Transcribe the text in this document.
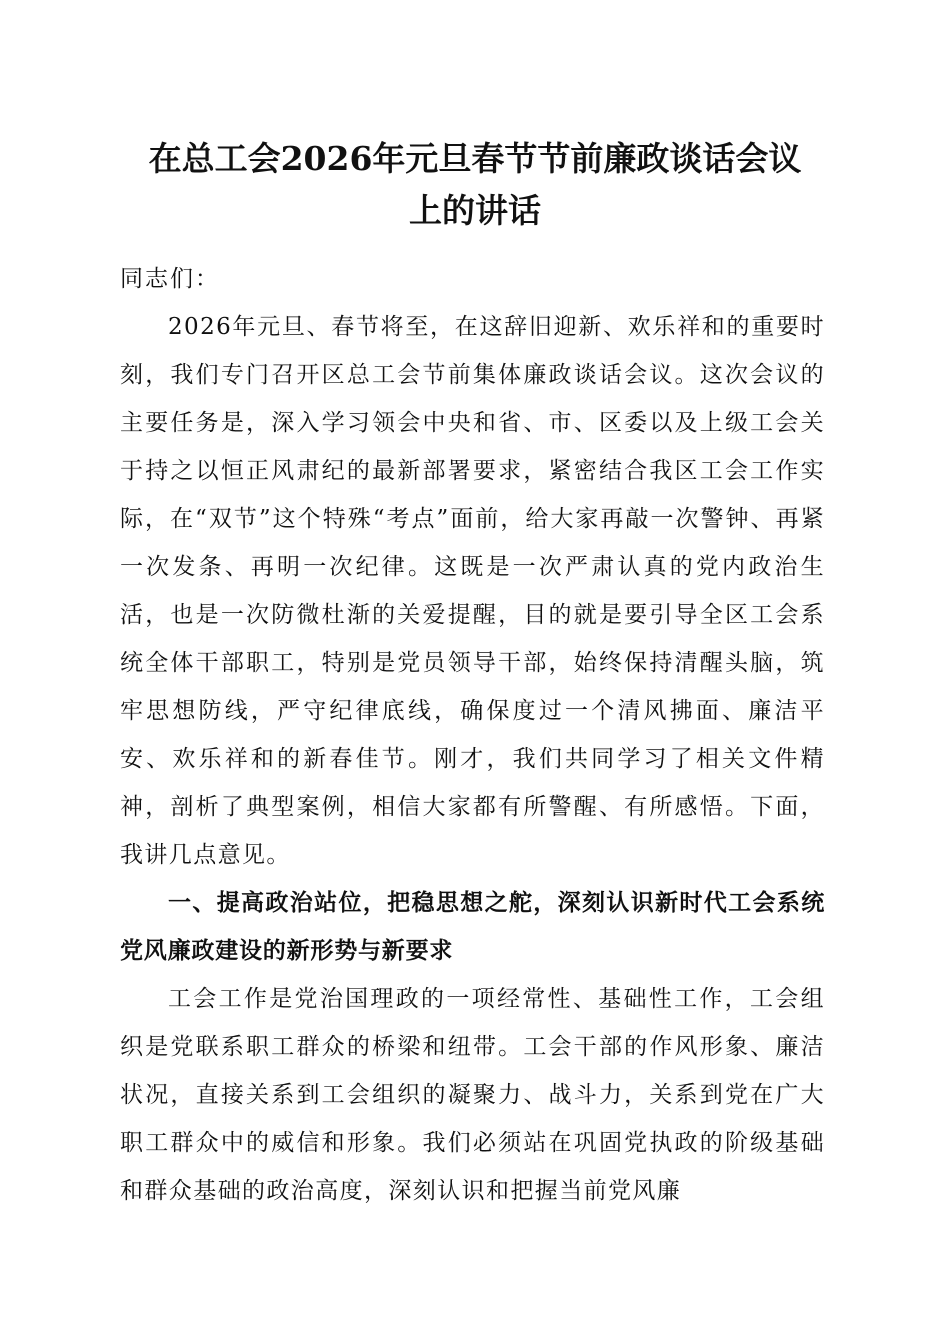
在总工会2026年元旦春节节前廉政谈话会议
上的讲话

同志们：

2026年元旦、春节将至，在这辞旧迎新、欢乐祥和的重要时刻，我们专门召开区总工会节前集体廉政谈话会议。这次会议的主要任务是，深入学习领会中央和省、市、区委以及上级工会关于持之以恒正风肃纪的最新部署要求，紧密结合我区工会工作实际，在“双节”这个特殊“考点”面前，给大家再敲一次警钟、再紧一次发条、再明一次纪律。这既是一次严肃认真的党内政治生活，也是一次防微杜渐的关爱提醒，目的就是要引导全区工会系统全体干部职工，特别是党员领导干部，始终保持清醒头脑，筑牢思想防线，严守纪律底线，确保度过一个清风拂面、廉洁平安、欢乐祥和的新春佳节。刚才，我们共同学习了相关文件精神，剖析了典型案例，相信大家都有所警醒、有所感悟。下面，我讲几点意见。

一、提高政治站位，把稳思想之舵，深刻认识新时代工会系统党风廉政建设的新形势与新要求

工会工作是党治国理政的一项经常性、基础性工作，工会组织是党联系职工群众的桥梁和纽带。工会干部的作风形象、廉洁状况，直接关系到工会组织的凝聚力、战斗力，关系到党在广大职工群众中的威信和形象。我们必须站在巩固党执政的阶级基础和群众基础的政治高度，深刻认识和把握当前党风廉
